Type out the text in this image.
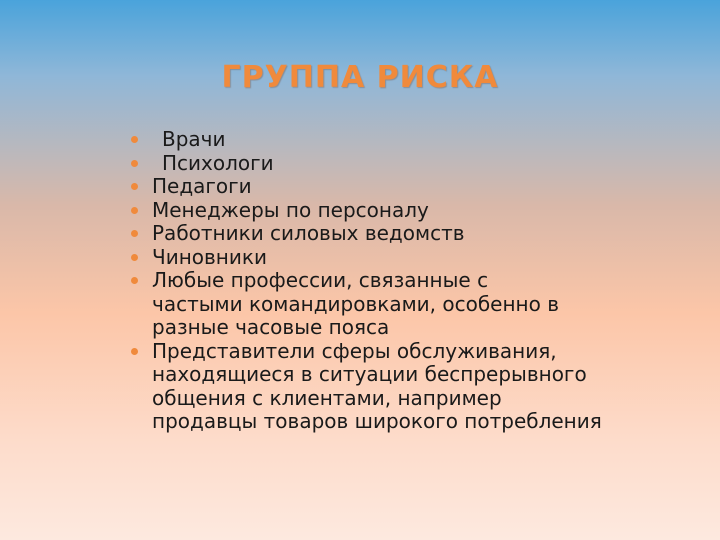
ГРУППА РИСКА
Врачи
Психологи
Педагоги
Менеджеры по персоналу
Работники силовых ведомств
Чиновники
Любые профессии, связанные с
частыми командировками, особенно в
разные часовые пояса
Представители сферы обслуживания,
находящиеся в ситуации беспрерывного
общения с клиентами, например
продавцы товаров широкого потребления
